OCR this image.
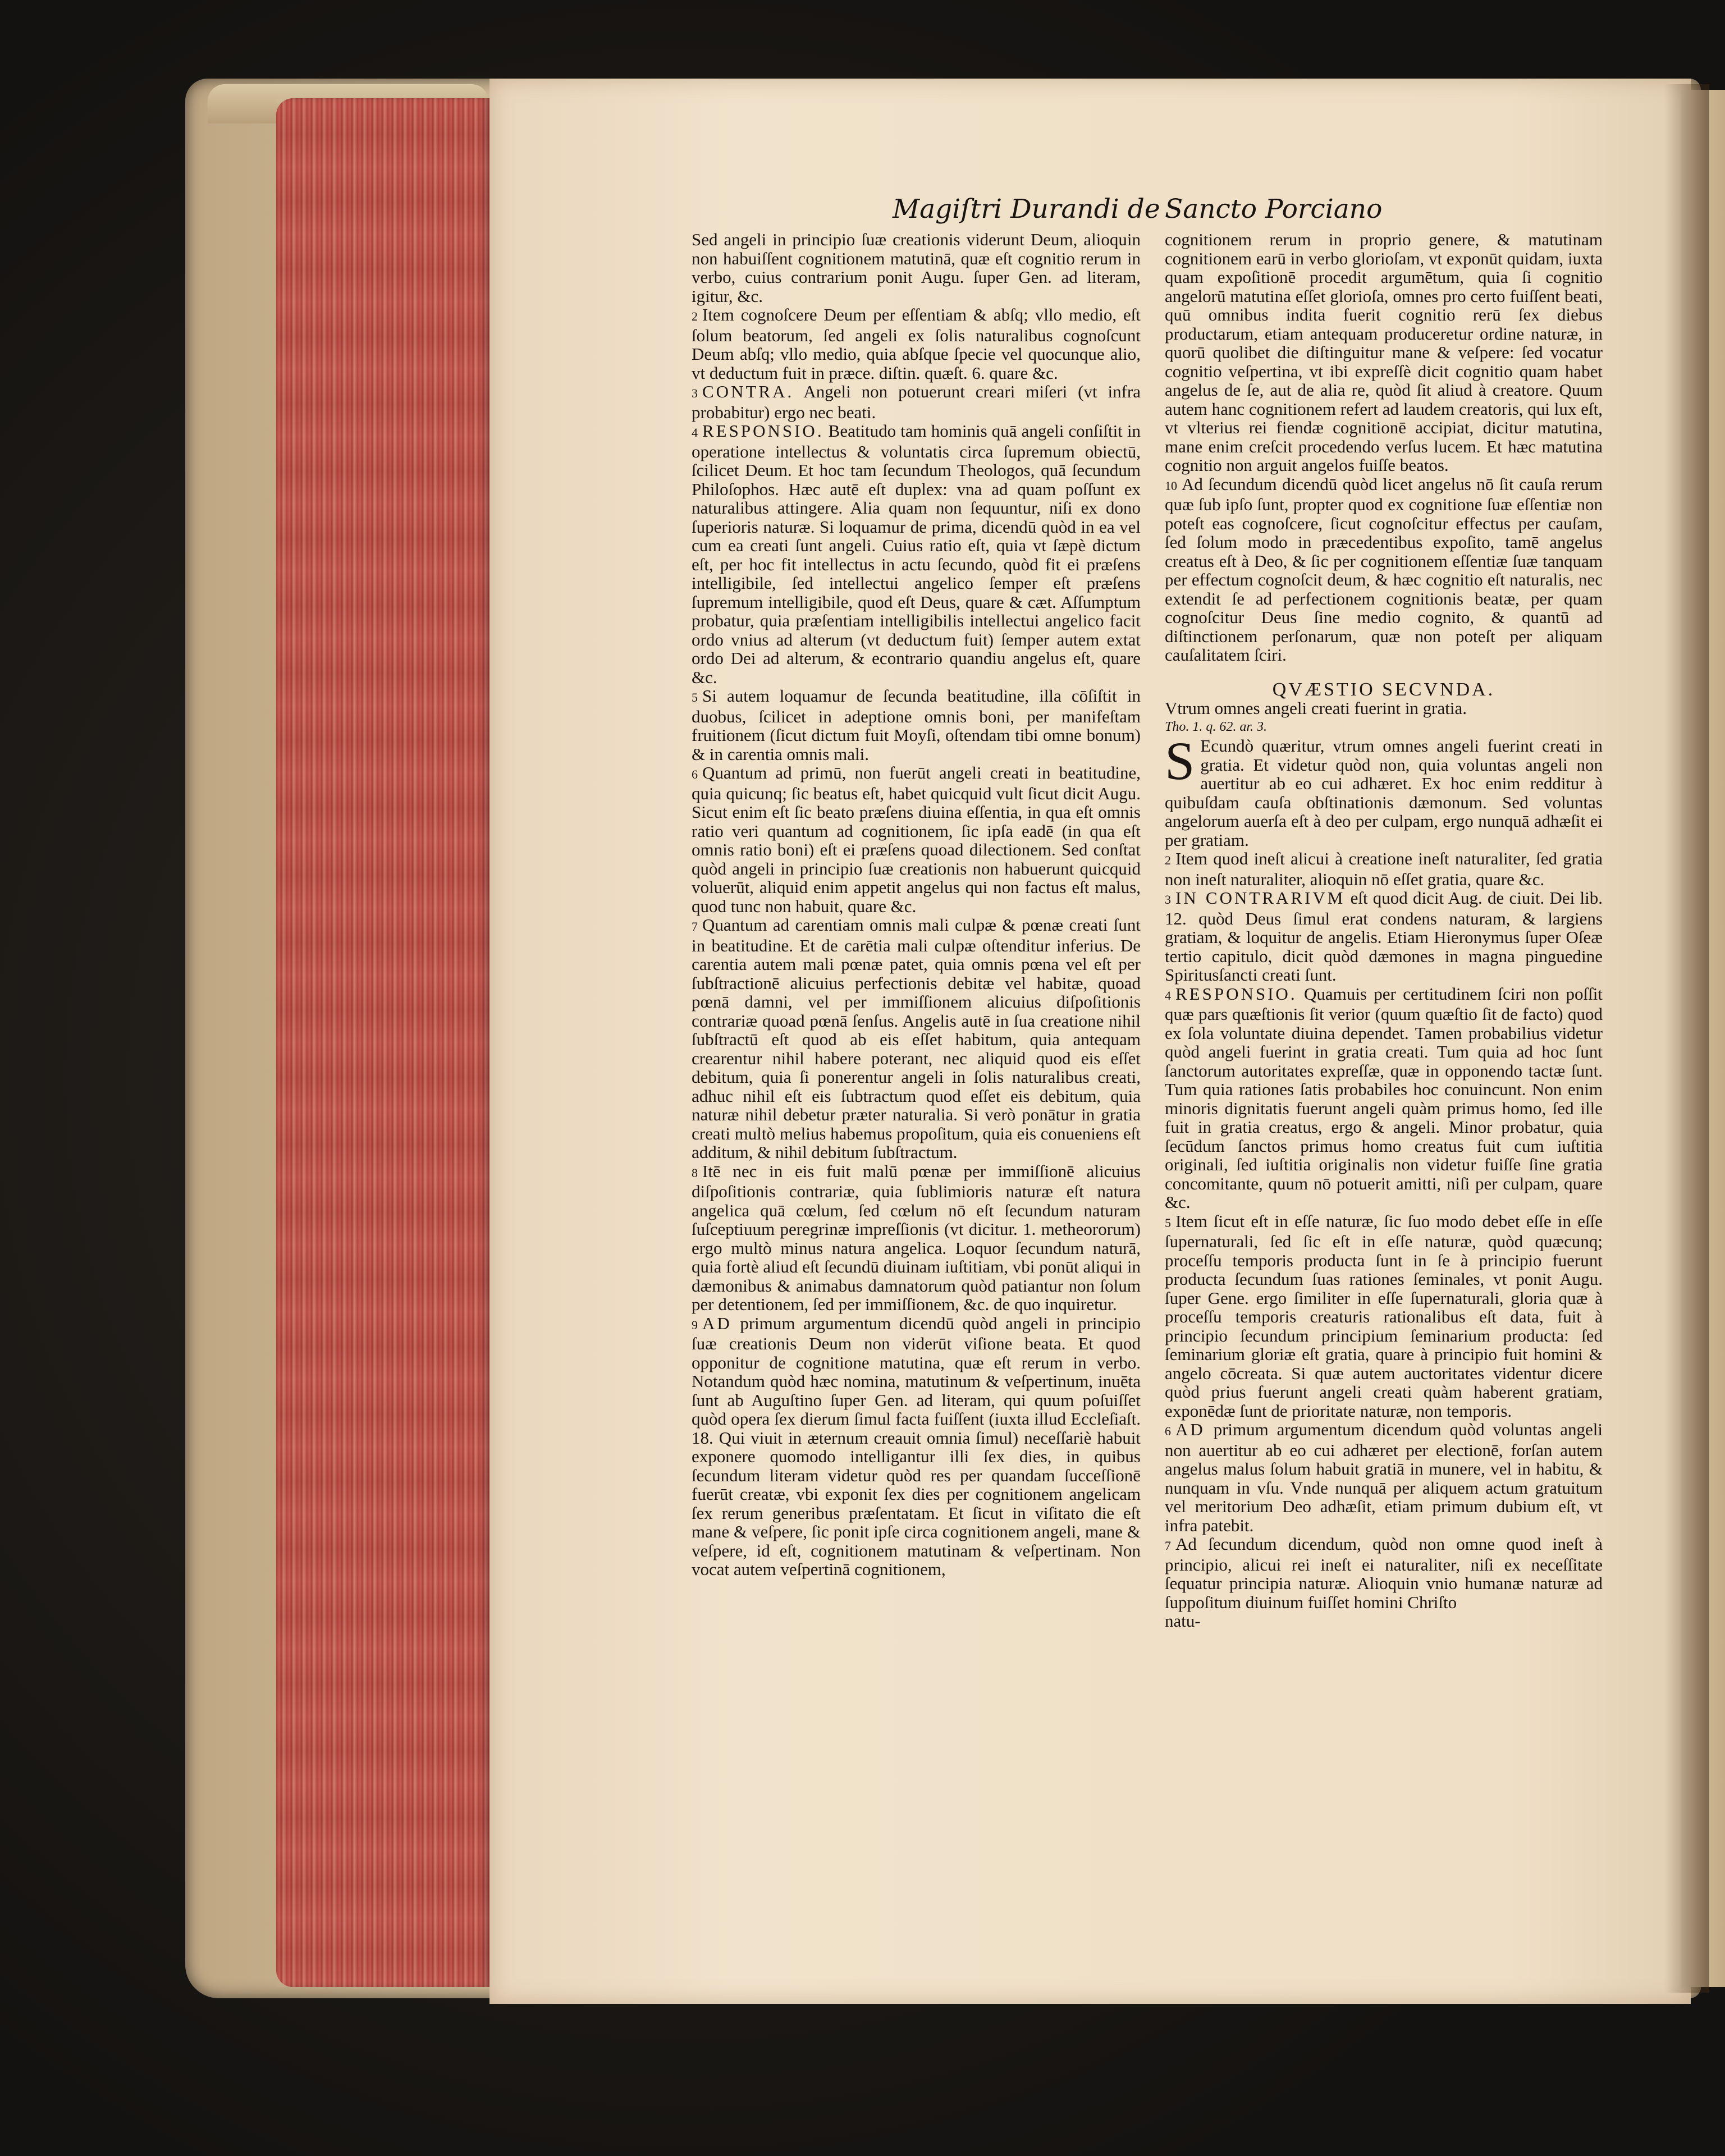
Magiſtri Durandi de Sancto Porciano

Sed angeli in principio ſuæ creationis viderunt Deum, alioquin non habuiſſent cognitionem matutinā, quæ eſt cognitio rerum in verbo, cuius contrarium ponit Augu. ſuper Gen. ad literam, igitur, &c.

2 Item cognoſcere Deum per eſſentiam & abſq; vllo medio, eſt ſolum beatorum, ſed angeli ex ſolis naturalibus cognoſcunt Deum abſq; vllo medio, quia abſque ſpecie vel quocunque alio, vt deductum fuit in præce. diſtin. quæſt. 6. quare &c.

3 CONTRA. Angeli non potuerunt creari miſeri (vt infra probabitur) ergo nec beati.

4 RESPONSIO. Beatitudo tam hominis quā angeli conſiſtit in operatione intellectus & voluntatis circa ſupremum obiectū, ſcilicet Deum. Et hoc tam ſecundum Theologos, quā ſecundum Philoſophos. Hæc autē eſt duplex: vna ad quam poſſunt ex naturalibus attingere. Alia quam non ſequuntur, niſi ex dono ſuperioris naturæ. Si loquamur de prima, dicendū quòd in ea vel cum ea creati ſunt angeli. Cuius ratio eſt, quia vt ſæpè dictum eſt, per hoc fit intellectus in actu ſecundo, quòd fit ei præſens intelligibile, ſed intellectui angelico ſemper eſt præſens ſupremum intelligibile, quod eſt Deus, quare & cæt. Aſſumptum probatur, quia præſentiam intelligibilis intellectui angelico facit ordo vnius ad alterum (vt deductum fuit) ſemper autem extat ordo Dei ad alterum, & econtrario quandiu angelus eſt, quare &c.

5 Si autem loquamur de ſecunda beatitudine, illa cōſiſtit in duobus, ſcilicet in adeptione omnis boni, per manifeſtam fruitionem (ſicut dictum fuit Moyſi, oſtendam tibi omne bonum) & in carentia omnis mali.

6 Quantum ad primū, non fuerūt angeli creati in beatitudine, quia quicunq; ſic beatus eſt, habet quicquid vult ſicut dicit Augu. Sicut enim eſt ſic beato præſens diuina eſſentia, in qua eſt omnis ratio veri quantum ad cognitionem, ſic ipſa eadē (in qua eſt omnis ratio boni) eſt ei præſens quoad dilectionem. Sed conſtat quòd angeli in principio ſuæ creationis non habuerunt quicquid voluerūt, aliquid enim appetit angelus qui non factus eſt malus, quod tunc non habuit, quare &c.

7 Quantum ad carentiam omnis mali culpæ & pœnæ creati ſunt in beatitudine. Et de carētia mali culpæ oſtenditur inferius. De carentia autem mali pœnæ patet, quia omnis pœna vel eſt per ſubſtractionē alicuius perfectionis debitæ vel habitæ, quoad pœnā damni, vel per immiſſionem alicuius diſpoſitionis contrariæ quoad pœnā ſenſus. Angelis autē in ſua creatione nihil ſubſtractū eſt quod ab eis eſſet habitum, quia antequam crearentur nihil habere poterant, nec aliquid quod eis eſſet debitum, quia ſi ponerentur angeli in ſolis naturalibus creati, adhuc nihil eſt eis ſubtractum quod eſſet eis debitum, quia naturæ nihil debetur præter naturalia. Si verò ponātur in gratia creati multò melius habemus propoſitum, quia eis conueniens eſt additum, & nihil debitum ſubſtractum.

8 Itē nec in eis fuit malū pœnæ per immiſſionē alicuius diſpoſitionis contrariæ, quia ſublimioris naturæ eſt natura angelica quā cœlum, ſed cœlum nō eſt ſecundum naturam ſuſceptiuum peregrinæ impreſſionis (vt dicitur. 1. metheororum) ergo multò minus natura angelica. Loquor ſecundum naturā, quia fortè aliud eſt ſecundū diuinam iuſtitiam, vbi ponūt aliqui in dæmonibus & animabus damnatorum quòd patiantur non ſolum per detentionem, ſed per immiſſionem, &c. de quo inquiretur.

9 AD primum argumentum dicendū quòd angeli in principio ſuæ creationis Deum non viderūt viſione beata. Et quod opponitur de cognitione matutina, quæ eſt rerum in verbo. Notandum quòd hæc nomina, matutinum & veſpertinum, inuēta ſunt ab Auguſtino ſuper Gen. ad literam, qui quum poſuiſſet quòd opera ſex dierum ſimul facta fuiſſent (iuxta illud Eccleſiaſt. 18. Qui viuit in æternum creauit omnia ſimul) neceſſariè habuit exponere quomodo intelligantur illi ſex dies, in quibus ſecundum literam videtur quòd res per quandam ſucceſſionē fuerūt creatæ, vbi exponit ſex dies per cognitionem angelicam ſex rerum generibus præſentatam. Et ſicut in viſitato die eſt mane & veſpere, ſic ponit ipſe circa cognitionem angeli, mane & veſpere, id eſt, cognitionem matutinam & veſpertinam. Non vocat autem veſpertinā cognitionem,

cognitionem rerum in proprio genere, & matutinam cognitionem earū in verbo glorioſam, vt exponūt quidam, iuxta quam expoſitionē procedit argumētum, quia ſi cognitio angelorū matutina eſſet glorioſa, omnes pro certo fuiſſent beati, quū omnibus indita fuerit cognitio rerū ſex diebus productarum, etiam antequam produceretur ordine naturæ, in quorū quolibet die diſtinguitur mane & veſpere: ſed vocatur cognitio veſpertina, vt ibi expreſſè dicit cognitio quam habet angelus de ſe, aut de alia re, quòd ſit aliud à creatore. Quum autem hanc cognitionem refert ad laudem creatoris, qui lux eſt, vt vlterius rei fiendæ cognitionē accipiat, dicitur matutina, mane enim creſcit procedendo verſus lucem. Et hæc matutina cognitio non arguit angelos fuiſſe beatos.

10 Ad ſecundum dicendū quòd licet angelus nō ſit cauſa rerum quæ ſub ipſo ſunt, propter quod ex cognitione ſuæ eſſentiæ non poteſt eas cognoſcere, ſicut cognoſcitur effectus per cauſam, ſed ſolum modo in præcedentibus expoſito, tamē angelus creatus eſt à Deo, & ſic per cognitionem eſſentiæ ſuæ tanquam per effectum cognoſcit deum, & hæc cognitio eſt naturalis, nec extendit ſe ad perfectionem cognitionis beatæ, per quam cognoſcitur Deus ſine medio cognito, & quantū ad diſtinctionem perſonarum, quæ non poteſt per aliquam cauſalitatem ſciri.

QVÆSTIO SECVNDA.

Vtrum omnes angeli creati fuerint in gratia.

Tho. 1. q. 62. ar. 3.

S Ecundò quæritur, vtrum omnes angeli fuerint creati in gratia. Et videtur quòd non, quia voluntas angeli non auertitur ab eo cui adhæret. Ex hoc enim redditur à quibuſdam cauſa obſtinationis dæmonum. Sed voluntas angelorum auerſa eſt à deo per culpam, ergo nunquā adhæſit ei per gratiam.

2 Item quod ineſt alicui à creatione ineſt naturaliter, ſed gratia non ineſt naturaliter, alioquin nō eſſet gratia, quare &c.

3 IN CONTRARIVM eſt quod dicit Aug. de ciuit. Dei lib. 12. quòd Deus ſimul erat condens naturam, & largiens gratiam, & loquitur de angelis. Etiam Hieronymus ſuper Oſeæ tertio capitulo, dicit quòd dæmones in magna pinguedine Spiritusſancti creati ſunt.

4 RESPONSIO. Quamuis per certitudinem ſciri non poſſit quæ pars quæſtionis ſit verior (quum quæſtio ſit de facto) quod ex ſola voluntate diuina dependet. Tamen probabilius videtur quòd angeli fuerint in gratia creati. Tum quia ad hoc ſunt ſanctorum autoritates expreſſæ, quæ in opponendo tactæ ſunt. Tum quia rationes ſatis probabiles hoc conuincunt. Non enim minoris dignitatis fuerunt angeli quàm primus homo, ſed ille fuit in gratia creatus, ergo & angeli. Minor probatur, quia ſecūdum ſanctos primus homo creatus fuit cum iuſtitia originali, ſed iuſtitia originalis non videtur fuiſſe ſine gratia concomitante, quum nō potuerit amitti, niſi per culpam, quare &c.

5 Item ſicut eſt in eſſe naturæ, ſic ſuo modo debet eſſe in eſſe ſupernaturali, ſed ſic eſt in eſſe naturæ, quòd quæcunq; proceſſu temporis producta ſunt in ſe à principio fuerunt producta ſecundum ſuas rationes ſeminales, vt ponit Augu. ſuper Gene. ergo ſimiliter in eſſe ſupernaturali, gloria quæ à proceſſu temporis creaturis rationalibus eſt data, fuit à principio ſecundum principium ſeminarium producta: ſed ſeminarium gloriæ eſt gratia, quare à principio fuit homini & angelo cōcreata. Si quæ autem auctoritates videntur dicere quòd prius fuerunt angeli creati quàm haberent gratiam, exponēdæ ſunt de prioritate naturæ, non temporis.

6 AD primum argumentum dicendum quòd voluntas angeli non auertitur ab eo cui adhæret per electionē, forſan autem angelus malus ſolum habuit gratiā in munere, vel in habitu, & nunquam in vſu. Vnde nunquā per aliquem actum gratuitum vel meritorium Deo adhæſit, etiam primum dubium eſt, vt infra patebit.

7 Ad ſecundum dicendum, quòd non omne quod ineſt à principio, alicui rei ineſt ei naturaliter, niſi ex neceſſitate ſequatur principia naturæ. Alioquin vnio humanæ naturæ ad ſuppoſitum diuinum fuiſſet homini Chriſto

natu-
